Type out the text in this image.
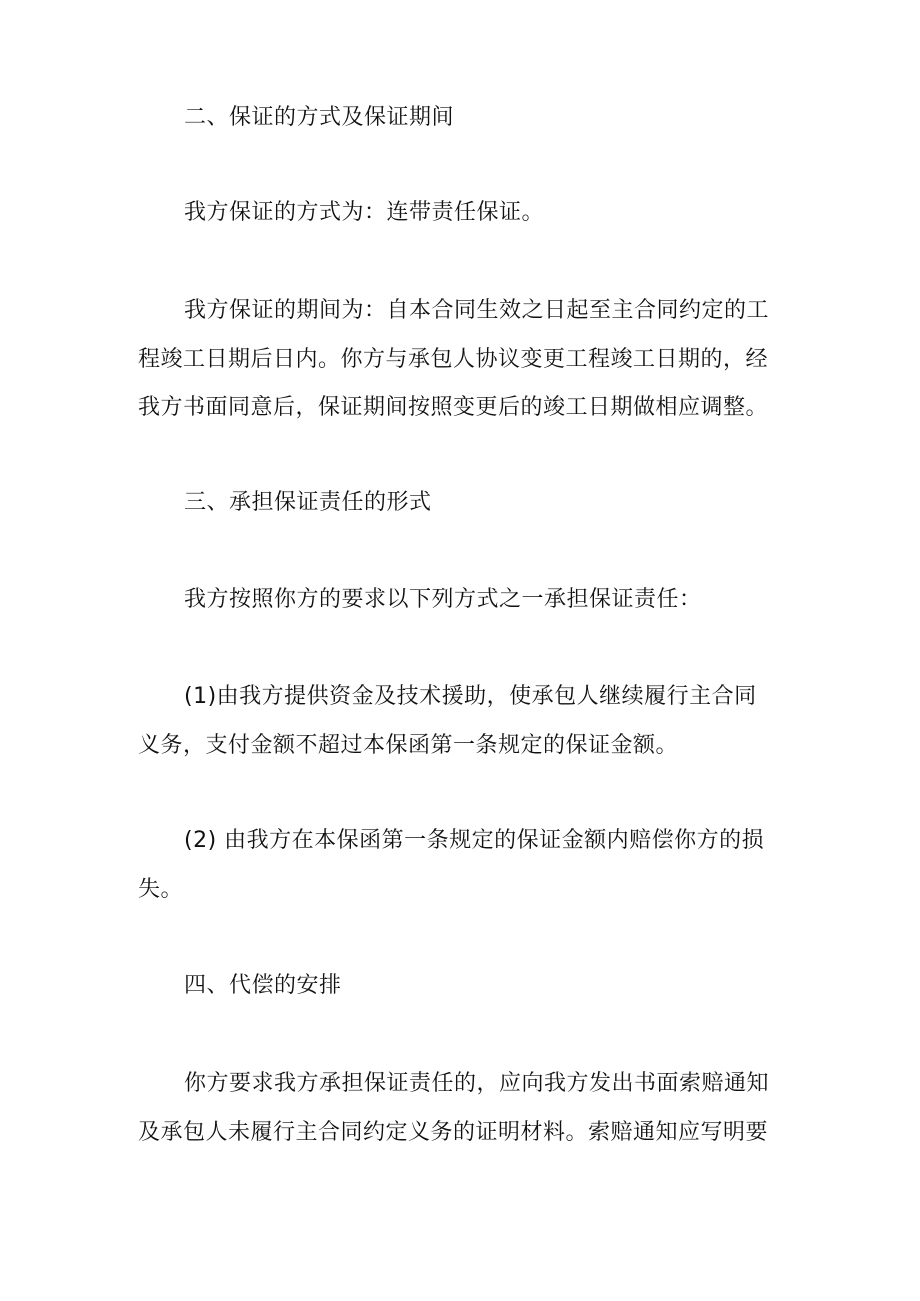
二、保证的方式及保证期间
我方保证的方式为：连带责任保证。
我方保证的期间为：自本合同生效之日起至主合同约定的工
程竣工日期后日内。你方与承包人协议变更工程竣工日期的，经
我方书面同意后，保证期间按照变更后的竣工日期做相应调整。
三、承担保证责任的形式
我方按照你方的要求以下列方式之一承担保证责任：
(1)由我方提供资金及技术援助，使承包人继续履行主合同
义务，支付金额不超过本保函第一条规定的保证金额。
(2) 由我方在本保函第一条规定的保证金额内赔偿你方的损
失。
四、代偿的安排
你方要求我方承担保证责任的，应向我方发出书面索赔通知
及承包人未履行主合同约定义务的证明材料。索赔通知应写明要
